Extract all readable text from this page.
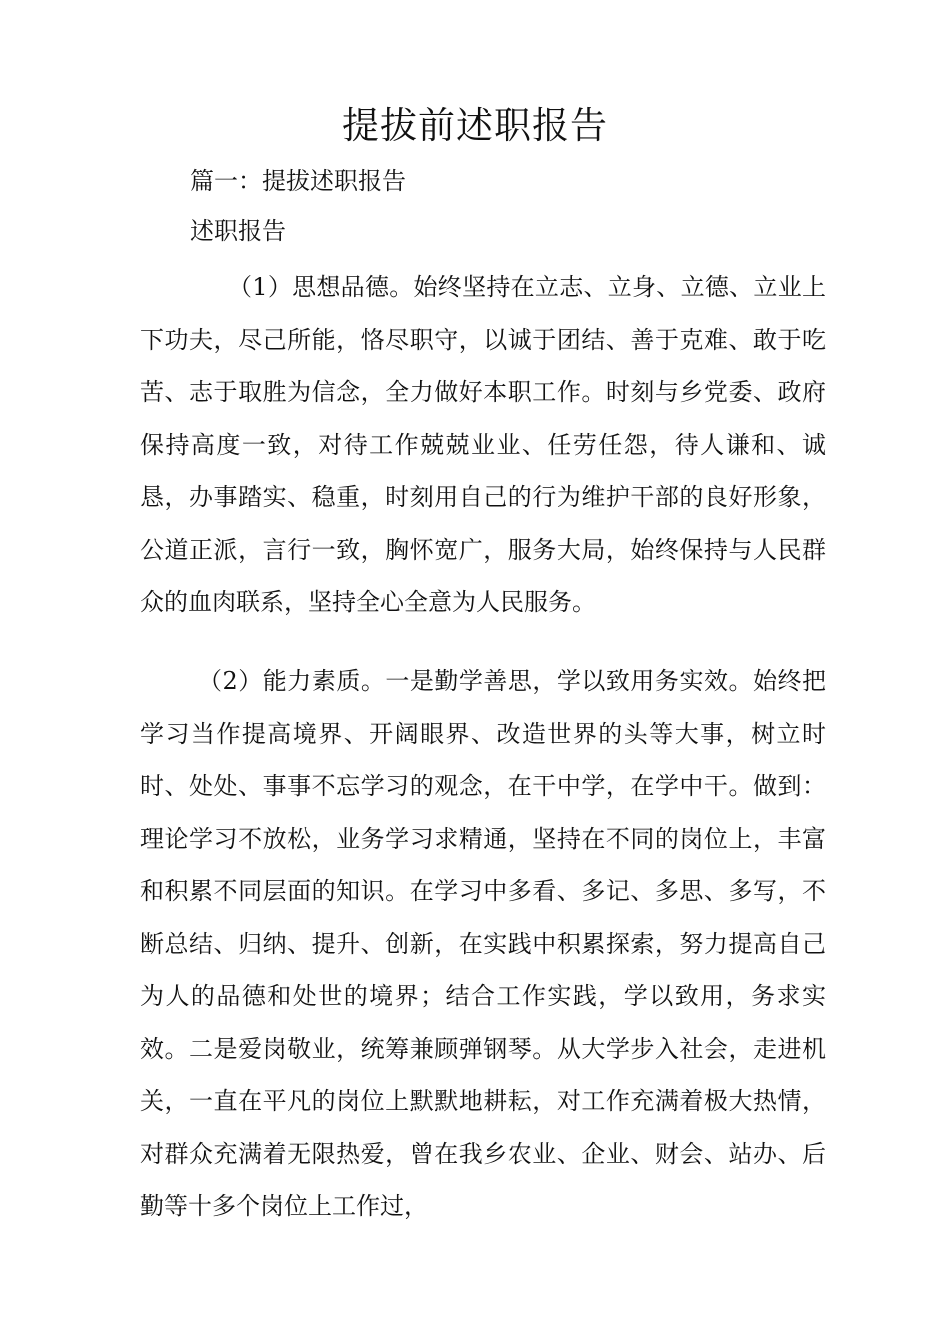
提拔前述职报告
篇一：提拔述职报告
述职报告
（1）思想品德。始终坚持在立志、立身、立德、立业上下功夫，尽己所能，恪尽职守，以诚于团结、善于克难、敢于吃苦、志于取胜为信念，全力做好本职工作。时刻与乡党委、政府保持高度一致，对待工作兢兢业业、任劳任怨，待人谦和、诚恳，办事踏实、稳重，时刻用自己的行为维护干部的良好形象，公道正派，言行一致，胸怀宽广，服务大局，始终保持与人民群众的血肉联系，坚持全心全意为人民服务。
（2）能力素质。一是勤学善思，学以致用务实效。始终把学习当作提高境界、开阔眼界、改造世界的头等大事，树立时时、处处、事事不忘学习的观念，在干中学，在学中干。做到：理论学习不放松，业务学习求精通，坚持在不同的岗位上，丰富和积累不同层面的知识。在学习中多看、多记、多思、多写，不断总结、归纳、提升、创新，在实践中积累探索，努力提高自己为人的品德和处世的境界；结合工作实践，学以致用，务求实效。二是爱岗敬业，统筹兼顾弹钢琴。从大学步入社会，走进机关，一直在平凡的岗位上默默地耕耘，对工作充满着极大热情，对群众充满着无限热爱，曾在我乡农业、企业、财会、站办、后勤等十多个岗位上工作过，
